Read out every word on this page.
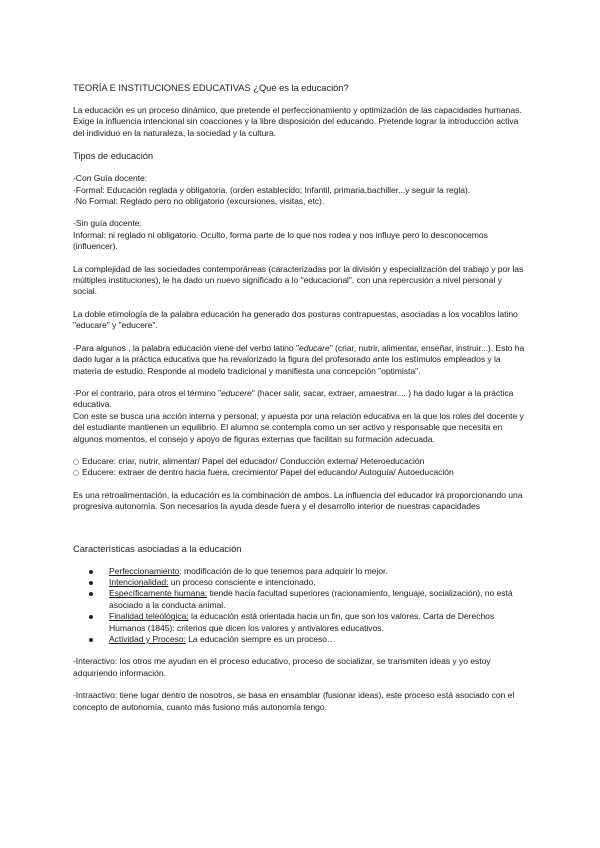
TEORÍA E INSTITUCIONES EDUCATIVAS ¿Qué es la educación?

La educación es un proceso dinámico, que pretende el perfeccionamiento y optimización de las capacidades humanas. Exige la influencia intencional sin coacciones y la libre disposición del educando. Pretende lograr la introducción activa del individuo en la naturaleza, la sociedad y la cultura.

Tipos de educación

-Con Guía docente:

·Formal: Educación reglada y obligatoria. (orden establecido; Infantil, primaria,bachiller...y seguir la regla).

·No Formal: Reglado pero no obligatorio (excursiones, visitas, etc).

-Sin guía docente:

Informal: ni reglado ni obligatorio. Oculto, forma parte de lo que nos rodea y nos influye pero lo desconocemos (influencer).

La complejidad de las sociedades contemporáneas (caracterizadas por la división y especialización del trabajo y por las múltiples instituciones), le ha dado un nuevo significado a lo "educacional", con una repercusión a nivel personal y social.

La doble etimología de la palabra educación ha generado dos posturas contrapuestas, asociadas a los vocablos latino "educare" y "educere".

-Para algunos , la palabra educación viene del verbo latino "educare" (criar, nutrir, alimentar, enseñar, instruir...). Esto ha dado lugar a la práctica educativa que ha revalorizado la figura del profesorado ante los estímulos empleados y la materia de estudio. Responde al modelo tradicional y manifiesta una concepción "optimista".

-Por el contrario, para otros el término "educere" (hacer salir, sacar, extraer, amaestrar.... ) ha dado lugar a la práctica educativa.

Con este se busca una acción interna y personal; y apuesta por una relación educativa en la que los roles del docente y del estudiante mantienen un equilibrio. El alumno se contempla como un ser activo y responsable que necesita en algunos momentos, el consejo y apoyo de figuras externas que facilitan su formación adecuada.

Educare: criar, nutrir, alimentar/ Papel del educador/ Conducción externa/ Heteroeducación

Educere: extraer de dentro hacia fuera, crecimiento/ Papel del educando/ Autoguía/ Autoeducación

Es una retroalimentación, la educación es la combinación de ambos. La influencia del educador irá proporcionando una progresiva autonomía. Son necesarios la ayuda desde fuera y el desarrollo interior de nuestras capacidades

Características asociadas a la educación

Perfeccionamiento: modificación de lo que tenemos para adquirir lo mejor.
Intencionalidad: un proceso consciente e intencionado.
Específicamente humana: tiende hacia facultad superiores (racionamiento, lenguaje, socialización), no está asociado a la conducta animal.
Finalidad teleológica: la educación está orientada hacia un fin, que son los valores. Carta de Derechos Humanos (1845): criterios que dicen los valores y antivalores educativos.
Actividad y Proceso: La educación siempre es un proceso…

-Interactivo: los otros me ayudan en el proceso educativo, proceso de socializar, se transmiten ideas y yo estoy adquiriendo información.

-Intraactivo: tiene lugar dentro de nosotros, se basa en ensamblar (fusionar ideas), este proceso está asociado con el concepto de autonomía, cuanto más fusiono más autonomía tengo.
